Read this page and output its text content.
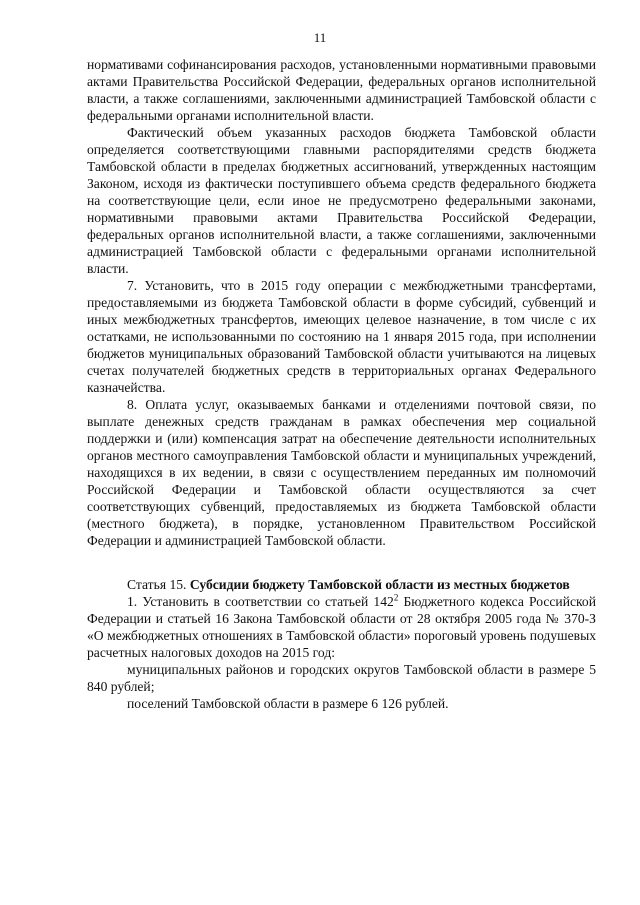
11

нормативами софинансирования расходов, установленными нормативными правовыми актами Правительства Российской Федерации, федеральных органов исполнительной власти, а также соглашениями, заключенными администрацией Тамбовской области с федеральными органами исполнительной власти.

Фактический объем указанных расходов бюджета Тамбовской области определяется соответствующими главными распорядителями средств бюджета Тамбовской области в пределах бюджетных ассигнований, утвержденных настоящим Законом, исходя из фактически поступившего объема средств федерального бюджета на соответствующие цели, если иное не предусмотрено федеральными законами, нормативными правовыми актами Правительства Российской Федерации, федеральных органов исполнительной власти, а также соглашениями, заключенными администрацией Тамбовской области с федеральными органами исполнительной власти.

7. Установить, что в 2015 году операции с межбюджетными трансфертами, предоставляемыми из бюджета Тамбовской области в форме субсидий, субвенций и иных межбюджетных трансфертов, имеющих целевое назначение, в том числе с их остатками, не использованными по состоянию на 1 января 2015 года, при исполнении бюджетов муниципальных образований Тамбовской области учитываются на лицевых счетах получателей бюджетных средств в территориальных органах Федерального казначейства.

8. Оплата услуг, оказываемых банками и отделениями почтовой связи, по выплате денежных средств гражданам в рамках обеспечения мер социальной поддержки и (или) компенсация затрат на обеспечение деятельности исполнительных органов местного самоуправления Тамбовской области и муниципальных учреждений, находящихся в их ведении, в связи с осуществлением переданных им полномочий Российской Федерации и Тамбовской области осуществляются за счет соответствующих субвенций, предоставляемых из бюджета Тамбовской области (местного бюджета), в порядке, установленном Правительством Российской Федерации и администрацией Тамбовской области.

Статья 15. Субсидии бюджету Тамбовской области из местных бюджетов

1. Установить в соответствии со статьей $142^2$ Бюджетного кодекса Российской Федерации и статьей 16 Закона Тамбовской области от 28 октября 2005 года № 370-З «О межбюджетных отношениях в Тамбовской области» пороговый уровень подушевых расчетных налоговых доходов на 2015 год:

муниципальных районов и городских округов Тамбовской области в размере 5 840 рублей;

поселений Тамбовской области в размере 6 126 рублей.
